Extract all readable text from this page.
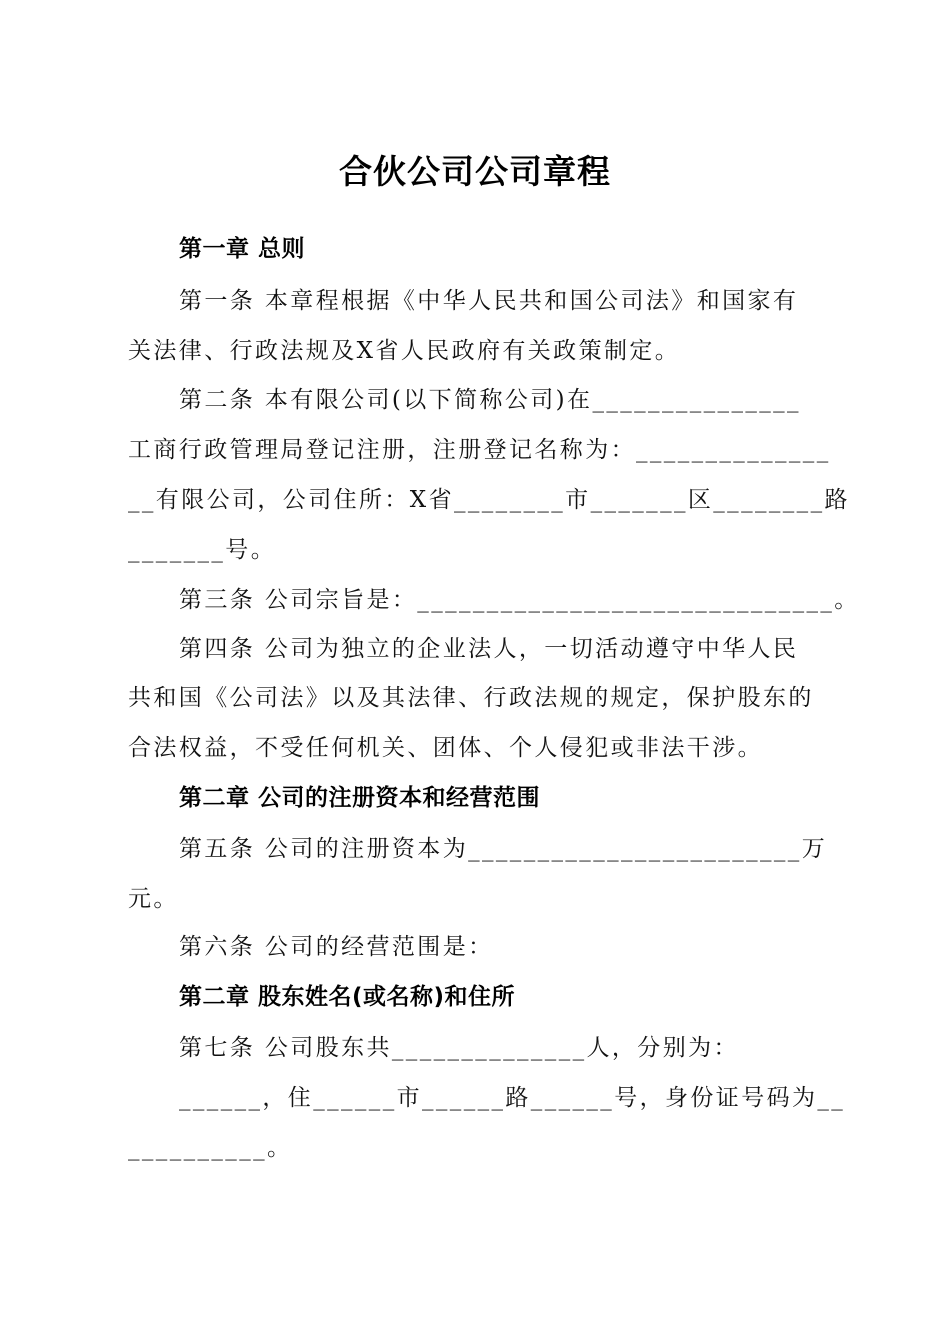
合伙公司公司章程
第一章 总则
第一条 本章程根据《中华人民共和国公司法》和国家有
关法律、行政法规及X省人民政府有关政策制定。
第二条 本有限公司(以下简称公司)在_______________
工商行政管理局登记注册，注册登记名称为：______________
__有限公司，公司住所：X省________市_______区________路
_______号。
第三条 公司宗旨是：______________________________。
第四条 公司为独立的企业法人，一切活动遵守中华人民
共和国《公司法》以及其法律、行政法规的规定，保护股东的
合法权益，不受任何机关、团体、个人侵犯或非法干涉。
第二章 公司的注册资本和经营范围
第五条 公司的注册资本为________________________万
元。
第六条 公司的经营范围是：
第二章 股东姓名(或名称)和住所
第七条 公司股东共______________人，分别为：
______，住______市______路______号，身份证号码为__
__________。
